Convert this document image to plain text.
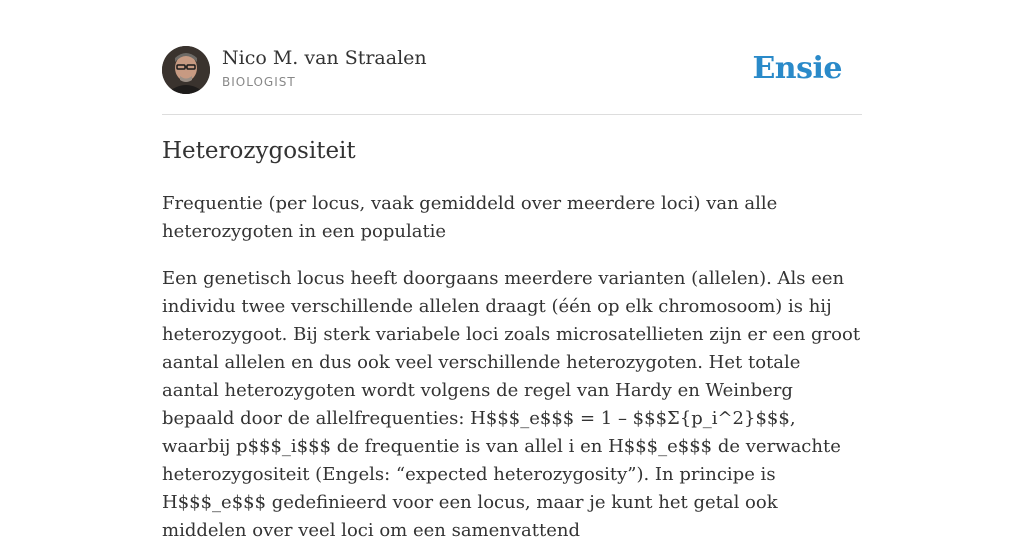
Nico M. van Straalen
BIOLOGIST	Ensie
Heterozygositeit

Frequentie (per locus, vaak gemiddeld over meerdere loci) van alle heterozygoten in een populatie

Een genetisch locus heeft doorgaans meerdere varianten (allelen). Als een individu twee verschillende allelen draagt (één op elk chromosoom) is hij heterozygoot. Bij sterk variabele loci zoals microsatellieten zijn er een groot aantal allelen en dus ook veel verschillende heterozygoten. Het totale aantal heterozygoten wordt volgens de regel van Hardy en Weinberg bepaald door de allelfrequenties: H$$$_e$$$ = 1 – $$$Σ{p_i^2}$$$, waarbij p$$$_i$$$ de frequentie is van allel i en H$$$_e$$$ de verwachte heterozygositeit (Engels: “expected heterozygosity”). In principe is H$$$_e$$$ gedefinieerd voor een locus, maar je kunt het getal ook middelen over veel loci om een samenvattend
